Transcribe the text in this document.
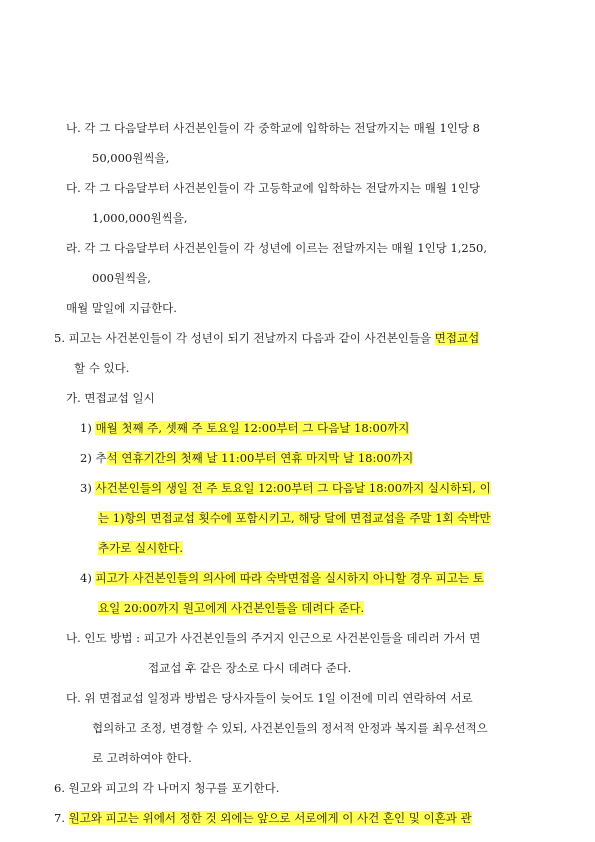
나. 각 그 다음달부터 사건본인들이 각 중학교에 입학하는 전달까지는 매월 1인당 8
50,000원씩을,
다. 각 그 다음달부터 사건본인들이 각 고등학교에 입학하는 전달까지는 매월 1인당
1,000,000원씩을,
라. 각 그 다음달부터 사건본인들이 각 성년에 이르는 전달까지는 매월 1인당 1,250,
000원씩을,
매월 말일에 지급한다.
5. 피고는 사건본인들이 각 성년이 되기 전날까지 다음과 같이 사건본인들을 면접교섭
할 수 있다.
가. 면접교섭 일시
1) 매월 첫째 주, 셋째 주 토요일 12:00부터 그 다음날 18:00까지
2) 추석 연휴기간의 첫째 날 11:00부터 연휴 마지막 날 18:00까지
3) 사건본인들의 생일 전 주 토요일 12:00부터 그 다음날 18:00까지 실시하되, 이
는 1)항의 면접교섭 횟수에 포함시키고, 해당 달에 면접교섭을 주말 1회 숙박만
추가로 실시한다.
4) 피고가 사건본인들의 의사에 따라 숙박면접을 실시하지 아니할 경우 피고는 토
요일 20:00까지 원고에게 사건본인들을 데려다 준다.
나. 인도 방법 : 피고가 사건본인들의 주거지 인근으로 사건본인들을 데리러 가서 면
접교섭 후 같은 장소로 다시 데려다 준다.
다. 위 면접교섭 일정과 방법은 당사자들이 늦어도 1일 이전에 미리 연락하여 서로
협의하고 조정, 변경할 수 있되, 사건본인들의 정서적 안정과 복지를 최우선적으
로 고려하여야 한다.
6. 원고와 피고의 각 나머지 청구를 포기한다.
7. 원고와 피고는 위에서 정한 것 외에는 앞으로 서로에게 이 사건 혼인 및 이혼과 관
